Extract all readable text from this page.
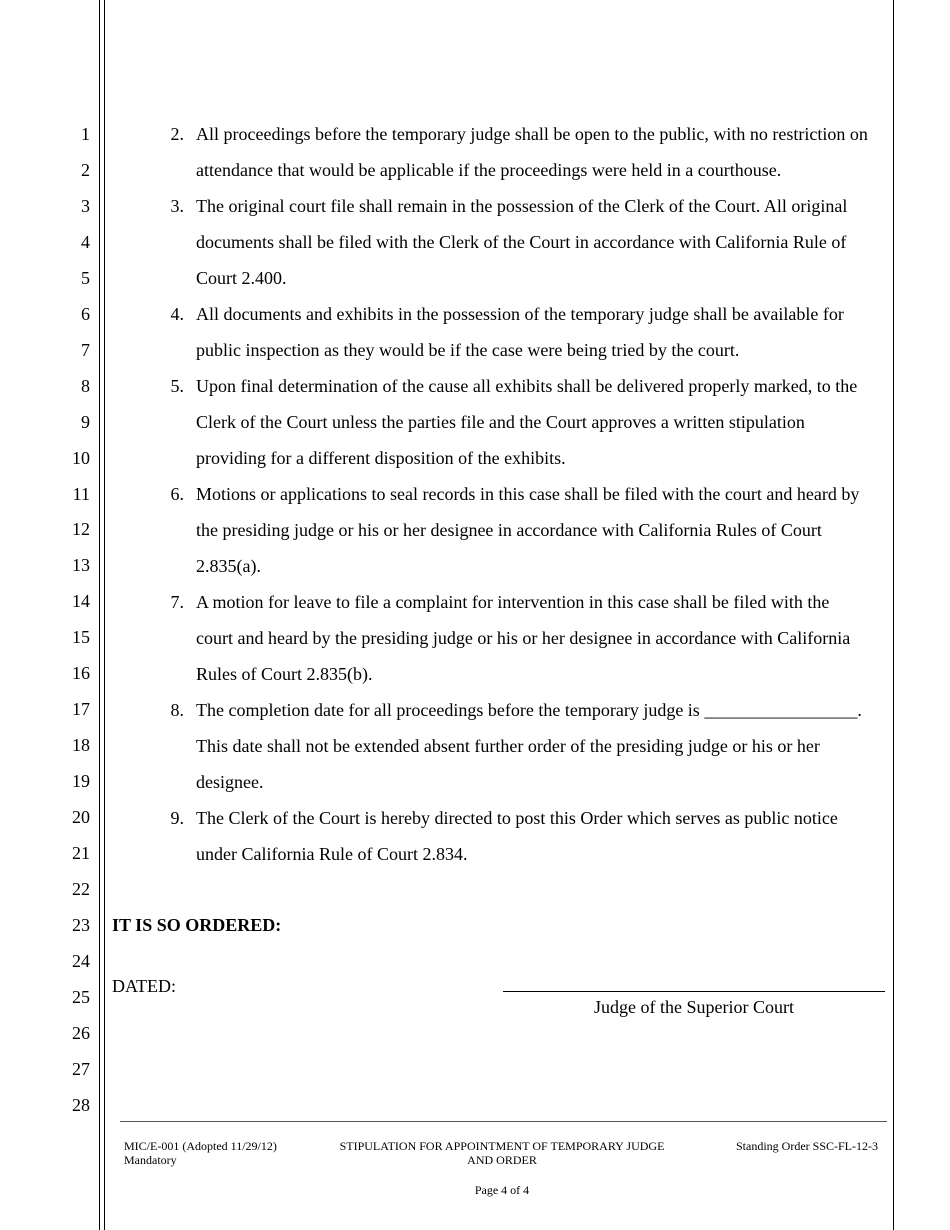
1
2
3
4
5
6
7
8
9
10
11
12
13
14
15
16
17
18
19
20
21
22
23
24
25
26
27
28
2. All proceedings before the temporary judge shall be open to the public, with no restriction on
attendance that would be applicable if the proceedings were held in a courthouse.
3. The original court file shall remain in the possession of the Clerk of the Court. All original
documents shall be filed with the Clerk of the Court in accordance with California Rule of
Court 2.400.
4. All documents and exhibits in the possession of the temporary judge shall be available for
public inspection as they would be if the case were being tried by the court.
5. Upon final determination of the cause all exhibits shall be delivered properly marked, to the
Clerk of the Court unless the parties file and the Court approves a written stipulation
providing for a different disposition of the exhibits.
6. Motions or applications to seal records in this case shall be filed with the court and heard by
the presiding judge or his or her designee in accordance with California Rules of Court
2.835(a).
7. A motion for leave to file a complaint for intervention in this case shall be filed with the
court and heard by the presiding judge or his or her designee in accordance with California
Rules of Court 2.835(b).
8. The completion date for all proceedings before the temporary judge is _________________.
This date shall not be extended absent further order of the presiding judge or his or her
designee.
9. The Clerk of the Court is hereby directed to post this Order which serves as public notice
under California Rule of Court 2.834.
IT IS SO ORDERED:
DATED:
Judge of the Superior Court
MIC/E-001 (Adopted 11/29/12)
Mandatory
STIPULATION FOR APPOINTMENT OF TEMPORARY JUDGE
AND ORDER
Standing Order SSC-FL-12-3
Page 4 of 4
